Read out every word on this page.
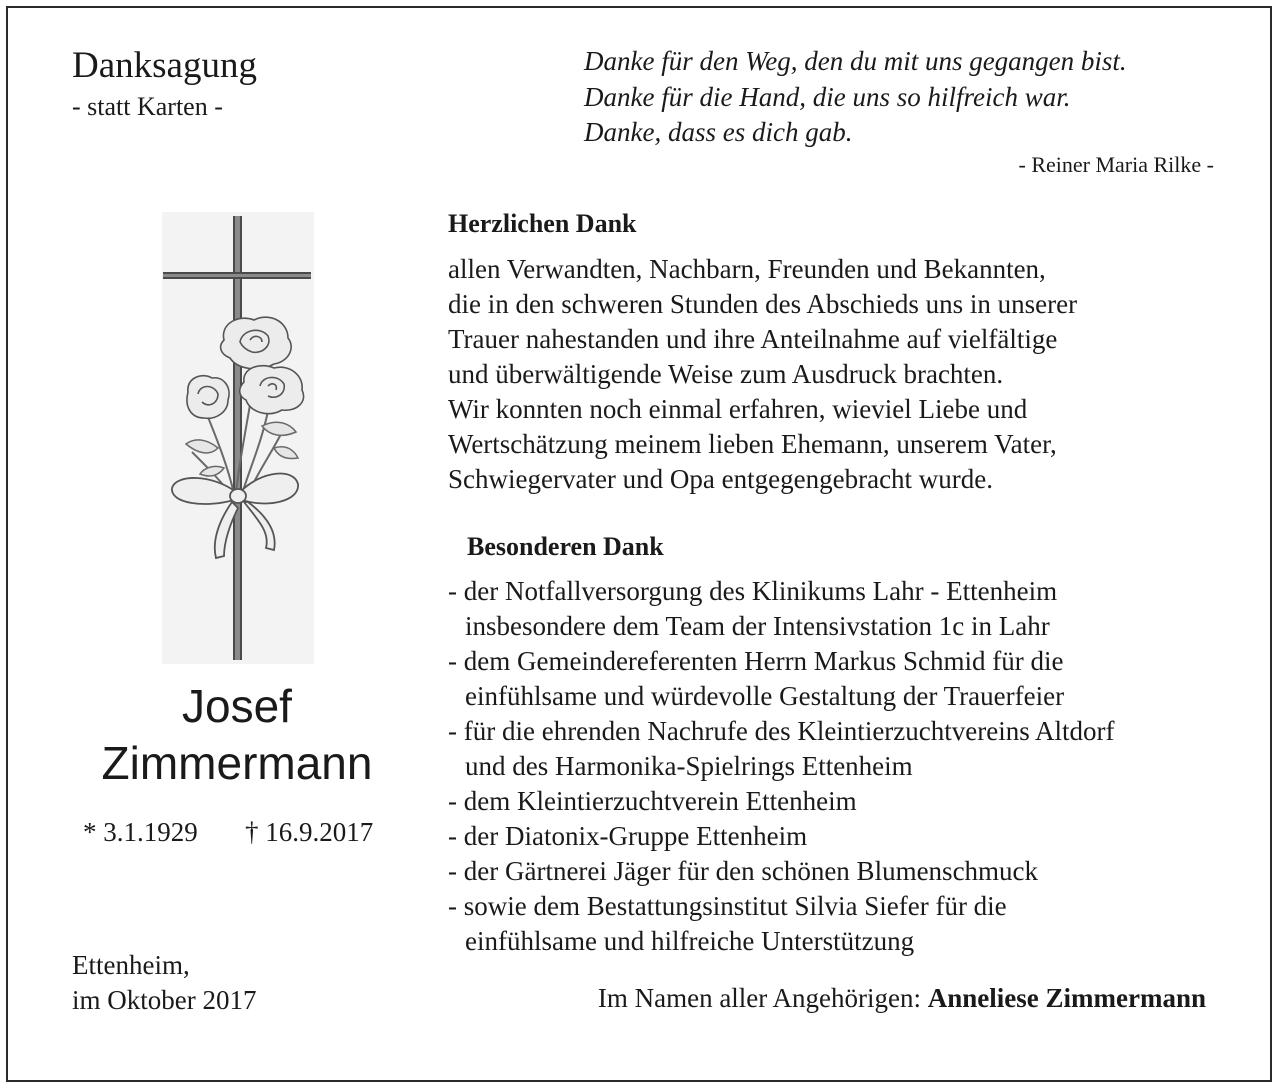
Danksagung
- statt Karten -
Danke für den Weg, den du mit uns gegangen bist.
Danke für die Hand, die uns so hilfreich war.
Danke, dass es dich gab.
- Reiner Maria Rilke -
Josef
Zimmermann
* 3.1.1929 † 16.9.2017
Herzlichen Dank
allen Verwandten, Nachbarn, Freunden und Bekannten,
die in den schweren Stunden des Abschieds uns in unserer
Trauer nahestanden und ihre Anteilnahme auf vielfältige
und überwältigende Weise zum Ausdruck brachten.
Wir konnten noch einmal erfahren, wieviel Liebe und
Wertschätzung meinem lieben Ehemann, unserem Vater,
Schwiegervater und Opa entgegengebracht wurde.
Besonderen Dank
- der Notfallversorgung des Klinikums Lahr - Ettenheim
insbesondere dem Team der Intensivstation 1c in Lahr
- dem Gemeindereferenten Herrn Markus Schmid für die
einfühlsame und würdevolle Gestaltung der Trauerfeier
- für die ehrenden Nachrufe des Kleintierzuchtvereins Altdorf
und des Harmonika-Spielrings Ettenheim
- dem Kleintierzuchtverein Ettenheim
- der Diatonix-Gruppe Ettenheim
- der Gärtnerei Jäger für den schönen Blumenschmuck
- sowie dem Bestattungsinstitut Silvia Siefer für die
einfühlsame und hilfreiche Unterstützung
Ettenheim,
im Oktober 2017	Im Namen aller Angehörigen: Anneliese Zimmermann
